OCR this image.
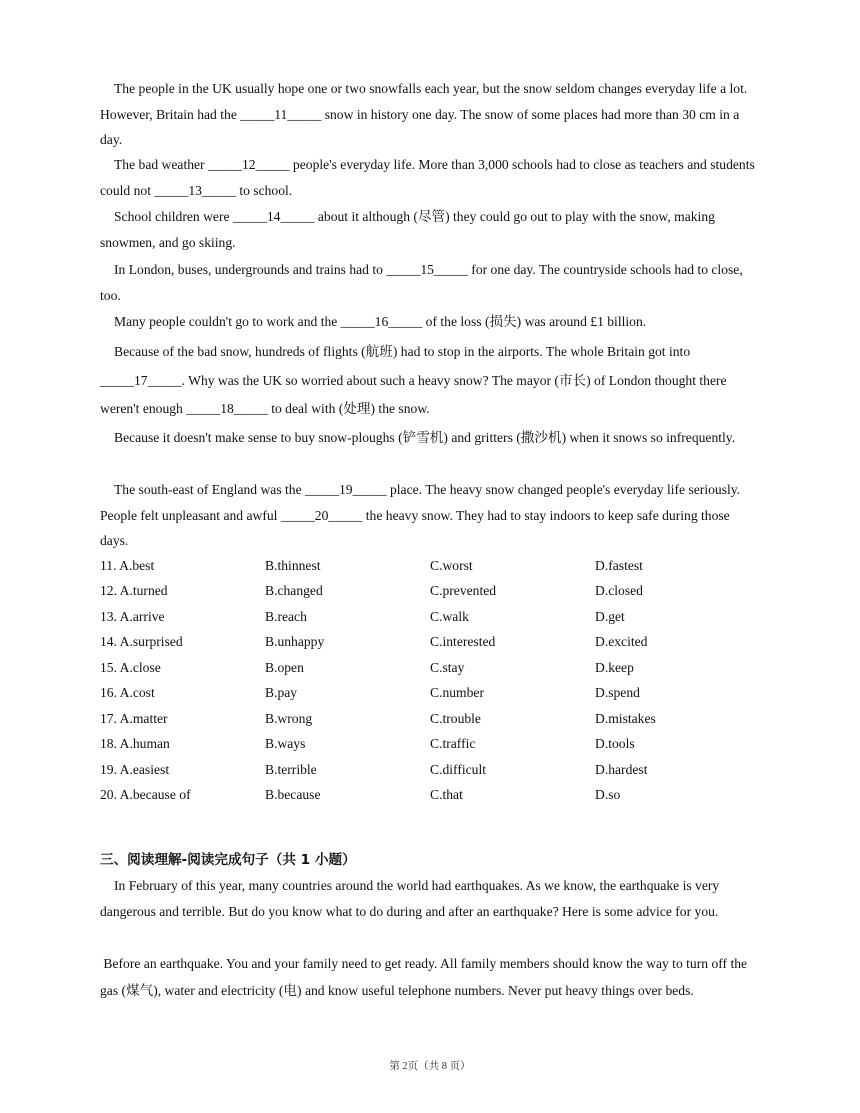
The people in the UK usually hope one or two snowfalls each year, but the snow seldom changes everyday life a lot. However, Britain had the _____11_____ snow in history one day. The snow of some places had more than 30 cm in a day.

The bad weather _____12_____ people's everyday life. More than 3,000 schools had to close as teachers and students could not _____13_____ to school.

School children were _____14_____ about it although (尽管) they could go out to play with the snow, making snowmen, and go skiing.

In London, buses, undergrounds and trains had to _____15_____ for one day. The countryside schools had to close, too.

Many people couldn't go to work and the _____16_____ of the loss (损失) was around £1 billion.

Because of the bad snow, hundreds of flights (航班) had to stop in the airports. The whole Britain got into _____17_____. Why was the UK so worried about such a heavy snow? The mayor (市长) of London thought there weren't enough _____18_____ to deal with (处理) the snow.

Because it doesn't make sense to buy snow-ploughs (铲雪机) and gritters (撒沙机) when it snows so infrequently.

The south-east of England was the _____19_____ place. The heavy snow changed people's everyday life seriously. People felt unpleasant and awful _____20_____ the heavy snow. They had to stay indoors to keep safe during those days.

11. A.best	B.thinnest	C.worst	D.fastest
12. A.turned	B.changed	C.prevented	D.closed
13. A.arrive	B.reach	C.walk	D.get
14. A.surprised	B.unhappy	C.interested	D.excited
15. A.close	B.open	C.stay	D.keep
16. A.cost	B.pay	C.number	D.spend
17. A.matter	B.wrong	C.trouble	D.mistakes
18. A.human	B.ways	C.traffic	D.tools
19. A.easiest	B.terrible	C.difficult	D.hardest
20. A.because of	B.because	C.that	D.so
三、阅读理解-阅读完成句子（共 1 小题）

In February of this year, many countries around the world had earthquakes. As we know, the earthquake is very dangerous and terrible. But do you know what to do during and after an earthquake? Here is some advice for you.

Before an earthquake. You and your family need to get ready. All family members should know the way to turn off the gas (煤气), water and electricity (电) and know useful telephone numbers. Never put heavy things over beds.

第 2页（共 8 页）
